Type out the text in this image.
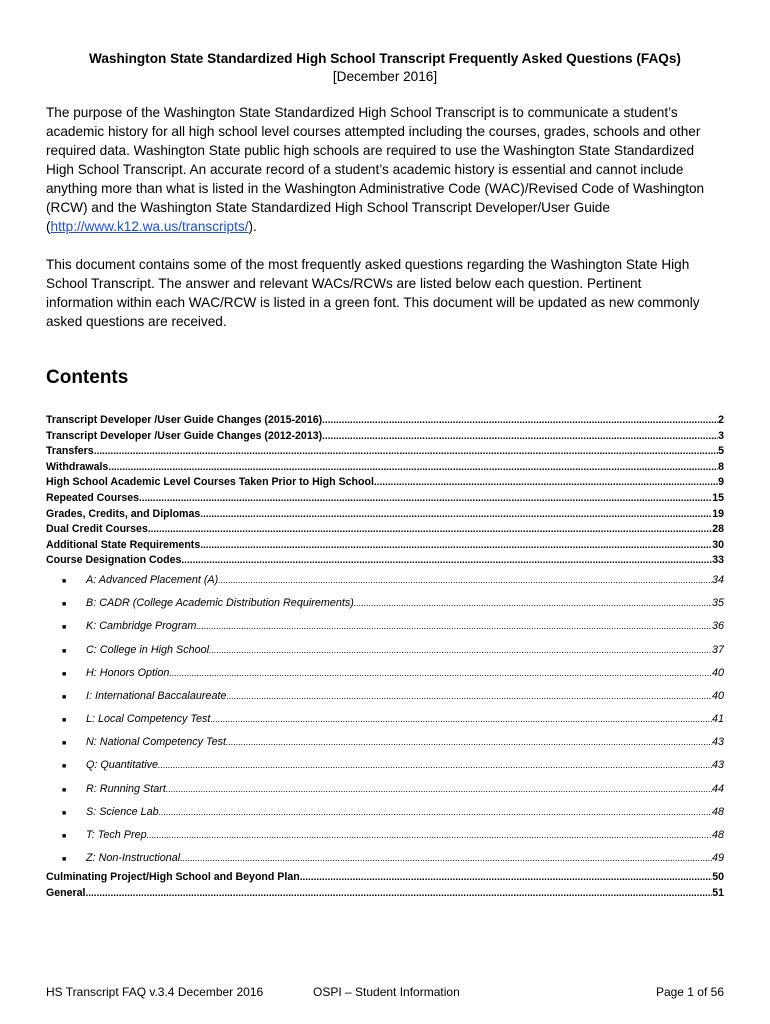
Washington State Standardized High School Transcript Frequently Asked Questions (FAQs)
[December 2016]

The purpose of the Washington State Standardized High School Transcript is to communicate a student’s
academic history for all high school level courses attempted including the courses, grades, schools and other
required data. Washington State public high schools are required to use the Washington State Standardized
High School Transcript. An accurate record of a student’s academic history is essential and cannot include
anything more than what is listed in the Washington Administrative Code (WAC)/Revised Code of Washington
(RCW) and the Washington State Standardized High School Transcript Developer/User Guide
(http://www.k12.wa.us/transcripts/).

This document contains some of the most frequently asked questions regarding the Washington State High
School Transcript. The answer and relevant WACs/RCWs are listed below each question. Pertinent
information within each WAC/RCW is listed in a green font. This document will be updated as new commonly
asked questions are received.

Contents
Transcript Developer /User Guide Changes (2015-2016) .....	2
Transcript Developer /User Guide Changes (2012-2013) .....	3
Transfers .....	5
Withdrawals .....	8
High School Academic Level Courses Taken Prior to High School .....	9
Repeated Courses .....	15
Grades, Credits, and Diplomas .....	19
Dual Credit Courses .....	28
Additional State Requirements .....	30
Course Designation Codes .....	33
■	A: Advanced Placement (A) .....	34
■	B: CADR (College Academic Distribution Requirements) .....	35
■	K: Cambridge Program .....	36
■	C: College in High School .....	37
■	H: Honors Option .....	40
■	I: International Baccalaureate .....	40
■	L: Local Competency Test .....	41
■	N: National Competency Test .....	43
■	Q: Quantitative .....	43
■	R: Running Start .....	44
■	S: Science Lab .....	48
■	T: Tech Prep .....	48
■	Z: Non-Instructional .....	49
Culminating Project/High School and Beyond Plan .....	50
General .....	51
HS Transcript FAQ v.3.4 December 2016	OSPI – Student Information	Page 1 of 56
